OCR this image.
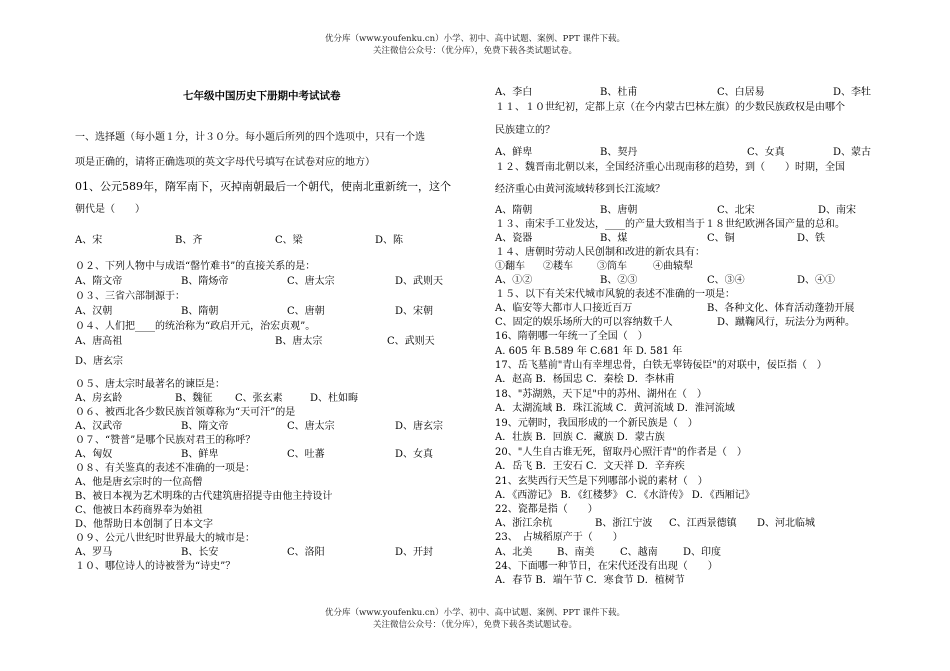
优分库（www.youfenku.cn）小学、初中、高中试题、案例、PPT 课件下载。
关注微信公众号：（优分库），免费下载各类试题试卷。
七年级中国历史下册期中考试试卷
一、选择题（每小题１分，计３０分。每小题后所列的四个选项中，只有一个选
项是正确的，请将正确选项的英文字母代号填写在试卷对应的地方）
01、公元589年，隋军南下，灭掉南朝最后一个朝代，使南北重新统一，这个
朝代是（　　）
A、宋	B、齐	C、梁	D、陈
０２、下列人物中与成语“罄竹难书”的直接关系的是：
A、隋文帝	B、隋炀帝	C、唐太宗	D、武则天
０３、三省六部制源于：
A、汉朝	B、隋朝	C、唐朝	D、宋朝
０４、人们把____的统治称为“政启开元，治宏贞观”。
A、唐高祖	B、唐太宗	C、武则天
D、唐玄宗
０５、唐太宗时最著名的谏臣是：
A、房玄龄	B、魏征 C、张玄素	D、杜如晦
０６、被西北各少数民族首领尊称为“天可汗”的是
A、汉武帝	B、隋文帝	C、唐太宗	D、唐玄宗
０７、“赞普”是哪个民族对君王的称呼？
A、匈奴	B、鲜卑	C、吐蕃	D、女真
０８、有关鉴真的表述不准确的一项是：
A、他是唐玄宗时的一位高僧
B、被日本视为艺术明珠的古代建筑唐招提寺由他主持设计
C、他被日本药商界奉为始祖
D、他帮助日本创制了日本文字
０９、公元八世纪时世界最大的城市是：
A、罗马	B、长安	C、洛阳	D、开封
１０、哪位诗人的诗被誉为“诗史”？
A、李白	B、杜甫	C、白居易	D、李牡
１１、１０世纪初，定都上京（在今内蒙古巴林左旗）的少数民族政权是由哪个
民族建立的？
A、鲜卑	B、契丹	C、女真	D、蒙古
１２、魏晋南北朝以来，全国经济重心出现南移的趋势，到（　　）时期，全国
经济重心由黄河流域转移到长江流域？
A、隋朝	B、唐朝	C、北宋	D、南宋
１３、南宋手工业发达，____的产量大致相当于１８世纪欧洲各国产量的总和。
A、瓷器	B、煤	C、铜	D、铁
１４、唐朝时劳动人民创制和改进的新农具有：
①翻车 ②耧车 ③筒车	④曲辕犁
A、①②	B、②③	C、③④	D、④①
１５、以下有关宋代城市风貌的表述不准确的一项是：
A、临安等大都市人口接近百万	B、各种文化、体育活动蓬勃开展
C、固定的娱乐场所大的可以容纳数千人	D、蹴鞠风行，玩法分为两种。
16、隋朝哪一年统一了全国（　）
A. 605 年 B.589 年 C.681 年 D. 581 年
17、岳飞墓前"青山有幸埋忠骨，白铁无辜铸佞臣"的对联中，佞臣指（　）
A．赵高 B．杨国忠 C．秦桧 D．李林甫
18、"苏湖熟，天下足"中的苏州、湖州在（　）
A．太湖流域 B．珠江流域 C．黄河流域 D．淮河流域
19、元朝时，我国形成的一个新民族是（　）
A．壮族 B．回族 C．藏族 D．蒙古族
20、"人生自古谁无死，留取丹心照汗青"的作者是（　）
A．岳飞 B．王安石 C．文天祥 D．辛弃疾
21、玄奘西行天竺是下列哪部小说的素材（　）
A．《西游记》 B．《红楼梦》 C．《水浒传》 D．《西厢记》
22、瓷都是指（　　）
A、浙江余杭	B、浙江宁波 C、江西景德镇 D、河北临城
23、　占城稻原产于（　　）
A、北美 B、南美	C、越南	D、印度
24、下面哪一种节日，在宋代还没有出现（　　）
A．春节 B．端午节 C．寒食节 D．植树节
优分库（www.youfenku.cn）小学、初中、高中试题、案例、PPT 课件下载。
关注微信公众号：（优分库），免费下载各类试题试卷。
